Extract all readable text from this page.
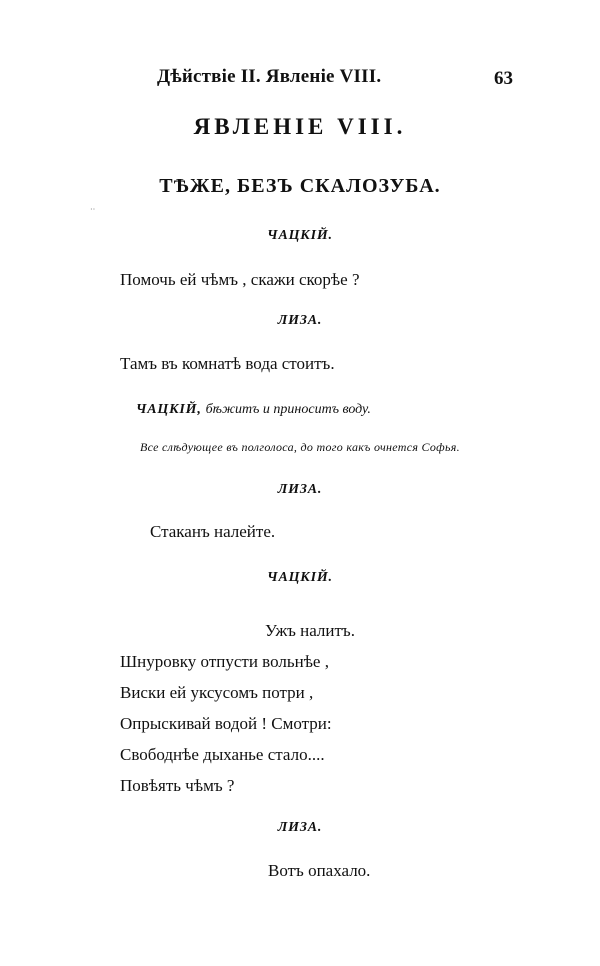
Дѣйствіе II. Явленіе VIII.	63
ЯВЛЕНІЕ VIII.
ТѢЖЕ, БЕЗЪ СКАЛОЗУБА.
··
ЧАЦКІЙ.
Помочь ей чѣмъ , скажи скорѣе ?
ЛИЗА.
Тамъ въ комнатѣ вода стоитъ.
ЧАЦКІЙ, бѣжитъ и приноситъ воду.
Все слѣдующее въ полголоса, до того какъ очнется Софья.
ЛИЗА.
Стаканъ налейте.
ЧАЦКІЙ.
Ужъ налитъ.
Шнуровку отпусти вольнѣе ,
Виски ей уксусомъ потри ,
Опрыскивай водой ! Смотри:
Свободнѣе дыханье стало....
Повѣять чѣмъ ?
ЛИЗА.
Вотъ опахало.
